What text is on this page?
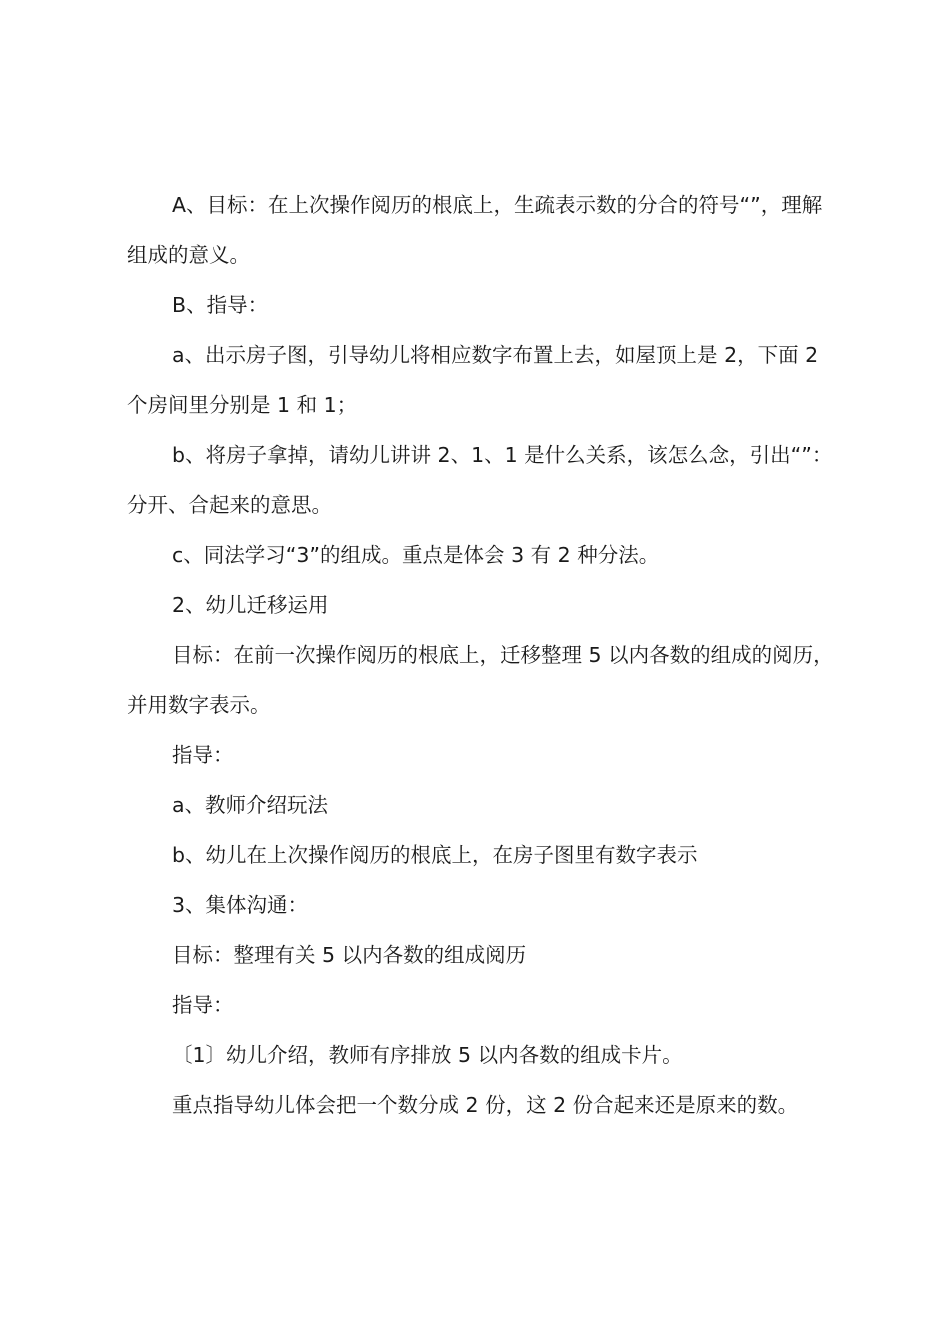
A、目标：在上次操作阅历的根底上，生疏表示数的分合的符号“”，理解组成的意义。

B、指导：

a、出示房子图，引导幼儿将相应数字布置上去，如屋顶上是 2，下面 2 个房间里分别是 1 和 1；

b、将房子拿掉，请幼儿讲讲 2、1、1 是什么关系，该怎么念，引出“”：分开、合起来的意思。

c、同法学习“3”的组成。重点是体会 3 有 2 种分法。

2、幼儿迁移运用

目标：在前一次操作阅历的根底上，迁移整理 5 以内各数的组成的阅历，并用数字表示。

指导：

a、教师介绍玩法

b、幼儿在上次操作阅历的根底上，在房子图里有数字表示

3、集体沟通：

目标：整理有关 5 以内各数的组成阅历

指导：

〔1〕幼儿介绍，教师有序排放 5 以内各数的组成卡片。

重点指导幼儿体会把一个数分成 2 份，这 2 份合起来还是原来的数。
